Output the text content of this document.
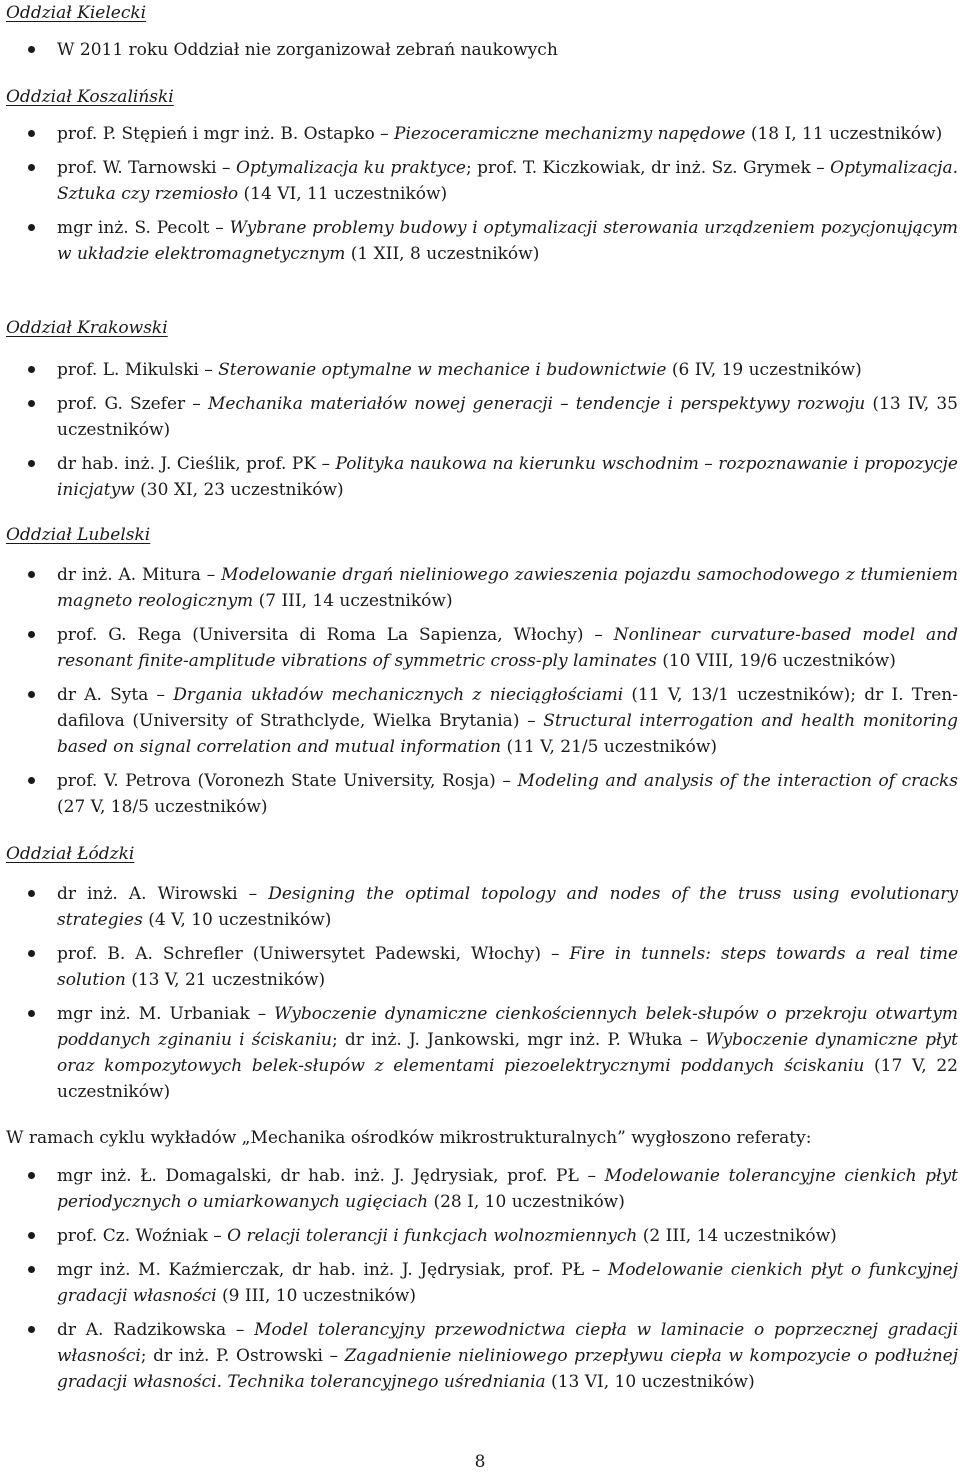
Oddział Kielecki

W 2011 roku Oddział nie zorganizował zebrań naukowych

Oddział Koszaliński

prof. P. Stępień i mgr inż. B. Ostapko – Piezoceramiczne mechanizmy napędowe (18 I, 11 uczestników)
prof. W. Tarnowski – Optymalizacja ku praktyce; prof. T. Kiczkowiak, dr inż. Sz. Grymek – Optymalizacja. Sztuka czy rzemiosło (14 VI, 11 uczestników)
mgr inż. S. Pecolt – Wybrane problemy budowy i optymalizacji sterowania urządzeniem pozycjonującym w układzie elektromagnetycznym (1 XII, 8 uczestników)

Oddział Krakowski

prof. L. Mikulski – Sterowanie optymalne w mechanice i budownictwie (6 IV, 19 uczestników)
prof. G. Szefer – Mechanika materiałów nowej generacji – tendencje i perspektywy rozwoju (13 IV, 35 uczestników)
dr hab. inż. J. Cieślik, prof. PK – Polityka naukowa na kierunku wschodnim – rozpoznawanie i propozycje inicjatyw (30 XI, 23 uczestników)

Oddział Lubelski

dr inż. A. Mitura – Modelowanie drgań nieliniowego zawieszenia pojazdu samochodowego z tłumieniem magneto reologicznym (7 III, 14 uczestników)
prof. G. Rega (Universita di Roma La Sapienza, Włochy) – Nonlinear curvature-based model and resonant finite-amplitude vibrations of symmetric cross-ply laminates (10 VIII, 19/6 uczestników)
dr A. Syta – Drgania układów mechanicznych z nieciągłościami (11 V, 13/1 uczestników); dr I. Trendafilova (University of Strathclyde, Wielka Brytania) – Structural interrogation and health monitoring based on signal correlation and mutual information (11 V, 21/5 uczestników)
prof. V. Petrova (Voronezh State University, Rosja) – Modeling and analysis of the interaction of cracks (27 V, 18/5 uczestników)

Oddział Łódzki

dr inż. A. Wirowski – Designing the optimal topology and nodes of the truss using evolutionary strategies (4 V, 10 uczestników)
prof. B. A. Schrefler (Uniwersytet Padewski, Włochy) – Fire in tunnels: steps towards a real time solution (13 V, 21 uczestników)
mgr inż. M. Urbaniak – Wyboczenie dynamiczne cienkościennych belek-słupów o przekroju otwartym poddanych zginaniu i ściskaniu; dr inż. J. Jankowski, mgr inż. P. Włuka – Wyboczenie dynamiczne płyt oraz kompozytowych belek-słupów z elementami piezoelektrycznymi poddanych ściskaniu (17 V, 22 uczestników)

W ramach cyklu wykładów „Mechanika ośrodków mikrostrukturalnych” wygłoszono referaty:

mgr inż. Ł. Domagalski, dr hab. inż. J. Jędrysiak, prof. PŁ – Modelowanie tolerancyjne cienkich płyt periodycznych o umiarkowanych ugięciach (28 I, 10 uczestników)
prof. Cz. Woźniak – O relacji tolerancji i funkcjach wolnozmiennych (2 III, 14 uczestników)
mgr inż. M. Kaźmierczak, dr hab. inż. J. Jędrysiak, prof. PŁ – Modelowanie cienkich płyt o funkcyjnej gradacji własności (9 III, 10 uczestników)
dr A. Radzikowska – Model tolerancyjny przewodnictwa ciepła w laminacie o poprzecznej gradacji własności; dr inż. P. Ostrowski – Zagadnienie nieliniowego przepływu ciepła w kompozycie o podłużnej gradacji własności. Technika tolerancyjnego uśredniania (13 VI, 10 uczestników)
8
